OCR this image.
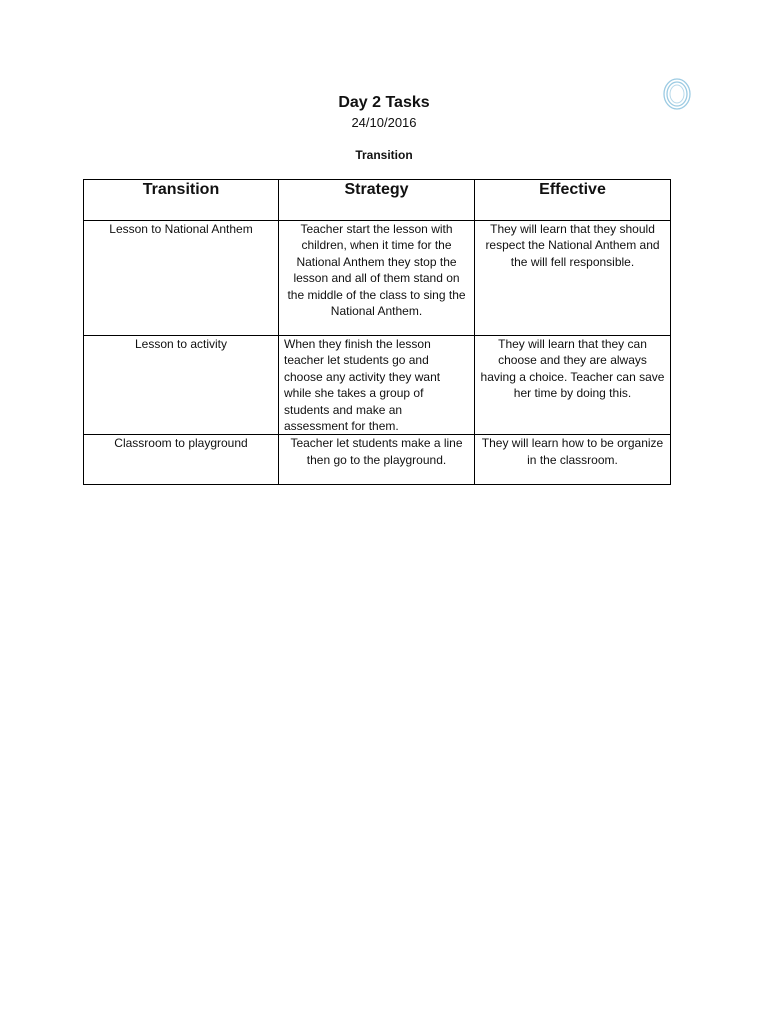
Day 2 Tasks
24/10/2016
Transition
Transition	Strategy	Effective
Lesson to National Anthem	Teacher start the lesson with children, when it time for the National Anthem they stop the lesson and all of them stand on the middle of the class to sing the National Anthem.	They will learn that they should respect the National Anthem and the will fell responsible.
Lesson to activity	When they finish the lesson teacher let students go and choose any activity they want while she takes a group of students and make an assessment for them.	They will learn that they can choose and they are always having a choice. Teacher can save her time by doing this.
Classroom to playground	Teacher let students make a line then go to the playground.	They will learn how to be organize in the classroom.
